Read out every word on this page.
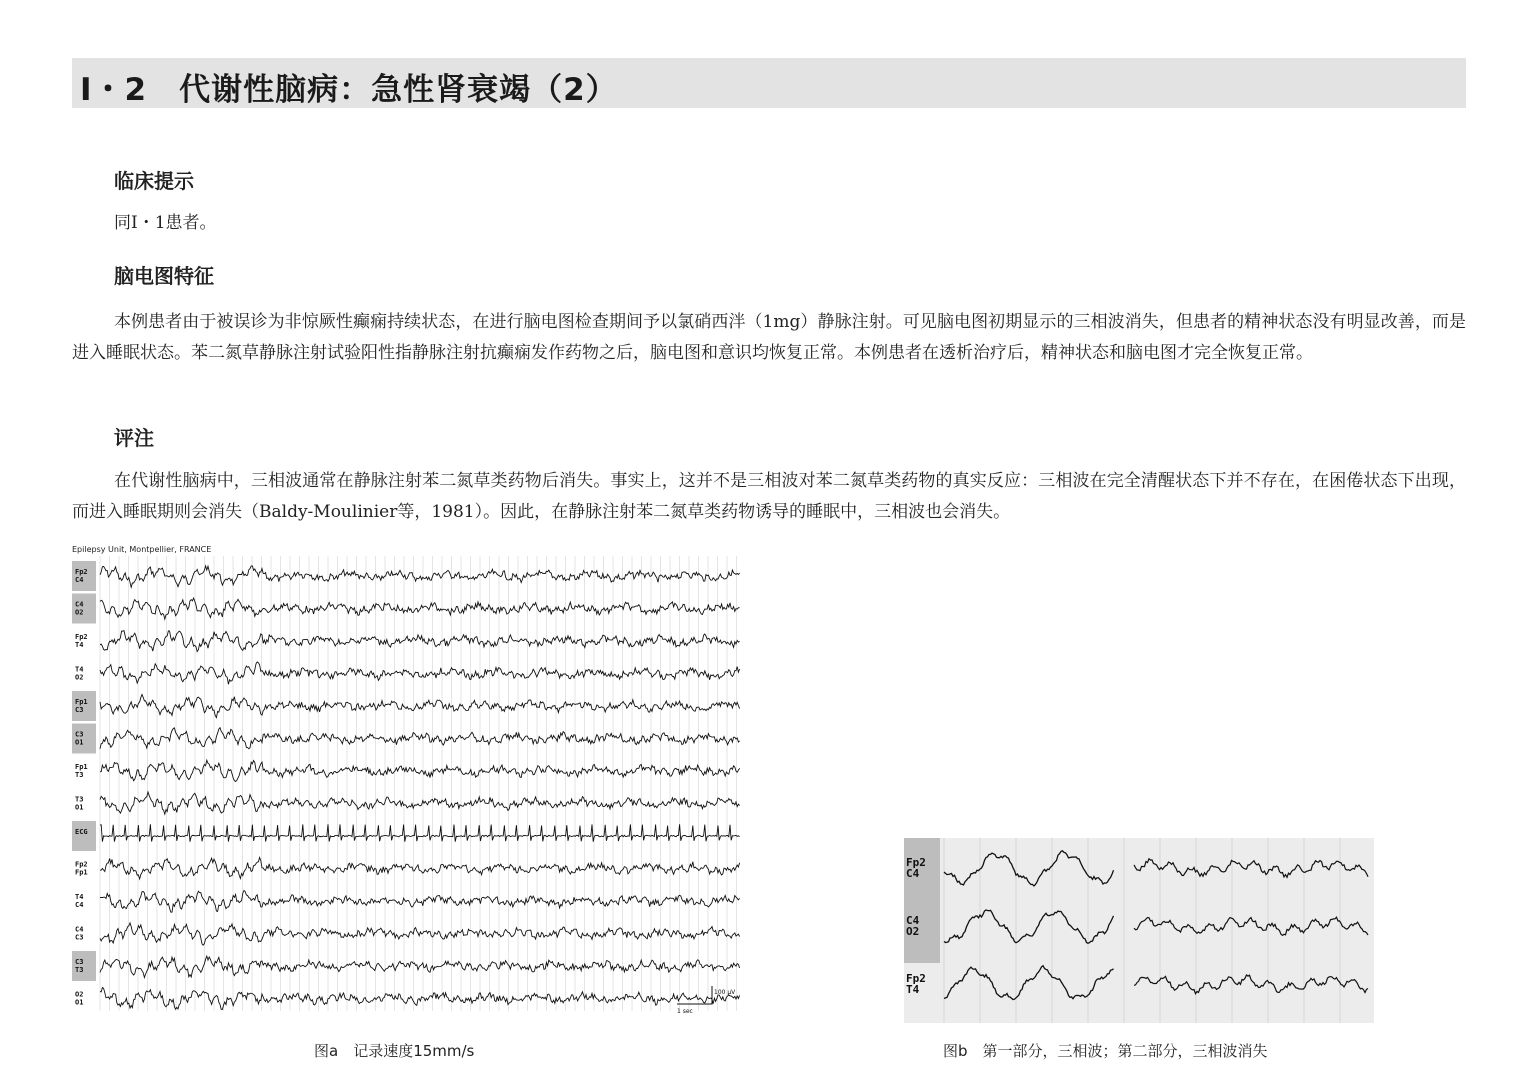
Ⅰ・2　代谢性脑病：急性肾衰竭（2）
临床提示

同Ⅰ・1患者。

脑电图特征

本例患者由于被误诊为非惊厥性癫痫持续状态，在进行脑电图检查期间予以氯硝西泮（1mg）静脉注射。可见脑电图初期显示的三相波消失，但患者的精神状态没有明显改善，而是进入睡眠状态。苯二氮草静脉注射试验阳性指静脉注射抗癫痫发作药物之后，脑电图和意识均恢复正常。本例患者在透析治疗后，精神状态和脑电图才完全恢复正常。

评注

在代谢性脑病中，三相波通常在静脉注射苯二氮草类药物后消失。事实上，这并不是三相波对苯二氮草类药物的真实反应：三相波在完全清醒状态下并不存在，在困倦状态下出现，而进入睡眠期则会消失（Baldy-Moulinier等，1981）。因此，在静脉注射苯二氮草类药物诱导的睡眠中，三相波也会消失。

Epilepsy Unit, Montpellier, FRANCE
Fp2
C4
C4
O2
Fp2
T4
T4
O2
Fp1
C3
C3
O1
Fp1
T3
T3
O1
ECG
Fp2
Fp1
T4
C4
C4
C3
C3
T3
O2
O1
100 μV
1 sec
图a　记录速度15mm/s
Fp2
C4
C4
O2
Fp2
T4
图b　第一部分，三相波；第二部分，三相波消失
